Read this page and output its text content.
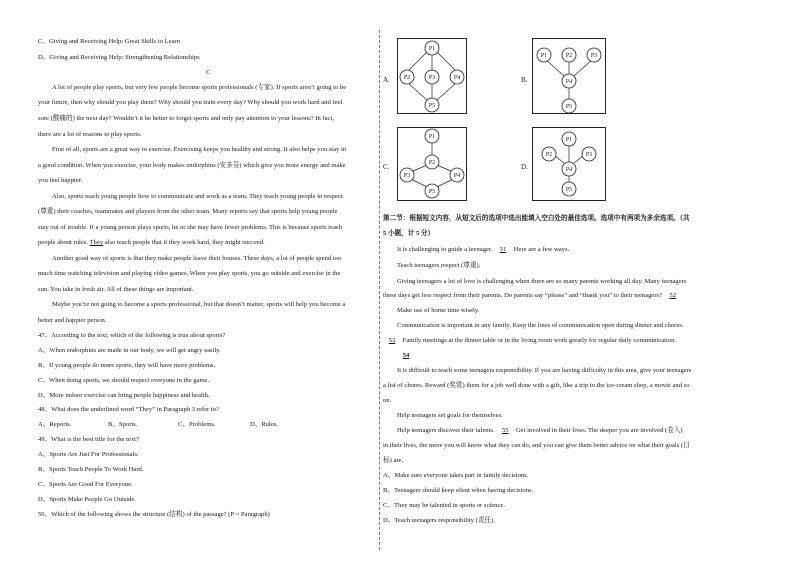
C、Giving and Receiving Help: Great Skills to Learn
D、Giving and Receiving Help: Strengthening Relationships
C
A lot of people play sports, but very few people become sports professionals (专家). If sports aren’t going to be
your future, then why should you play them? Why should you train every day? Why should you work hard and feel
sore (酸痛的) the next day? Wouldn’t it be better to forget sports and only pay attention to your lessons? In fact,
there are a lot of reasons to play sports.
First of all, sports are a great way to exercise. Exercising keeps you healthy and strong. It also helps you stay in
a good condition. When you exercise, your body makes endorphins (安多芬) which give you more energy and make
you feel happier.
Also, sports teach young people how to communicate and work as a team. They teach young people to respect
(尊重) their coaches, teammates and players from the other team. Many reports say that sports help young people
stay out of trouble. If a young person plays sports, he or she may have fewer problems. This is because sports teach
people about rules. They also teach people that if they work hard, they might succeed.
Another good way of sports is that they make people leave their houses. These days, a lot of people spend too
much time watching television and playing video games. When you play sports, you go outside and exercise in the
sun. You take in fresh air. All of these things are important.
Maybe you’re not going to become a sports professional, but that doesn’t matter, sports will help you become a
better and happier person.
47、According to the text, which of the following is true about sports?
A、When endorphins are made in our body, we will get angry easily.
B、If young people do more sports, they will have more problems.
C、When doing sports, we should respect everyone in the game.
D、More indoor exercise can bring people happiness and health.
48、What does the underlined word “They” in Paragraph 3 refer to?
A、Reports.	B、Sports.	C、Problems.	D、Rules.
49、What is the best title for the text?
A、Sports Are Just For Professionals.
B、Sports Teach People To Work Hard.
C、Sports Are Good For Everyone.
D、Sports Make People Go Outside.
50、Which of the following shows the structure (结构) of the passage? (P = Paragraph)
A.
P1
P2	P3	P4
P5
B.
P1	P2	P3
P4
P5
C.
P1
P2
P3	P4
P5
D.
P1
P2	P3
P4
P5
第二节：根据短文内容，从短文后的选项中选出能填入空白处的最佳选项。选项中有两项为多余选项。（共
5 小题，计 5 分）
It is challenging to guide a teenager. 51 Here are a few ways.
Teach teenagers respect (尊重).
Giving teenagers a lot of love is challenging when there are so many parents working all day. Many teenagers
these days get less respect from their parents. Do parents say “please” and “thank you” to their teenagers? 52
Make use of home time wisely.
Communication is important in any family. Keep the lines of communication open during dinner and chores.
53 Family meetings at the dinner table or in the living room work greatly for regular daily communication.
54
It is difficult to teach some teenagers responsibility. If you are having difficulty in this area, give your teenagers
a list of chores. Reward (奖赏) them for a job well done with a gift, like a trip to the ice-cream shop, a movie and so
on.
Help teenagers set goals for themselves.
Help teenagers discover their talents. 55 Get involved in their lives. The deeper you are involved (卷入)
in their lives, the more you will know what they can do, and you can give them better advice on what their goals (目
标) are.
A、Make sure everyone takes part in family decisions.
B、Teenagers should keep silent when having decisions.
C、They may be talented in sports or science.
D、Teach teenagers responsibility (责任).
